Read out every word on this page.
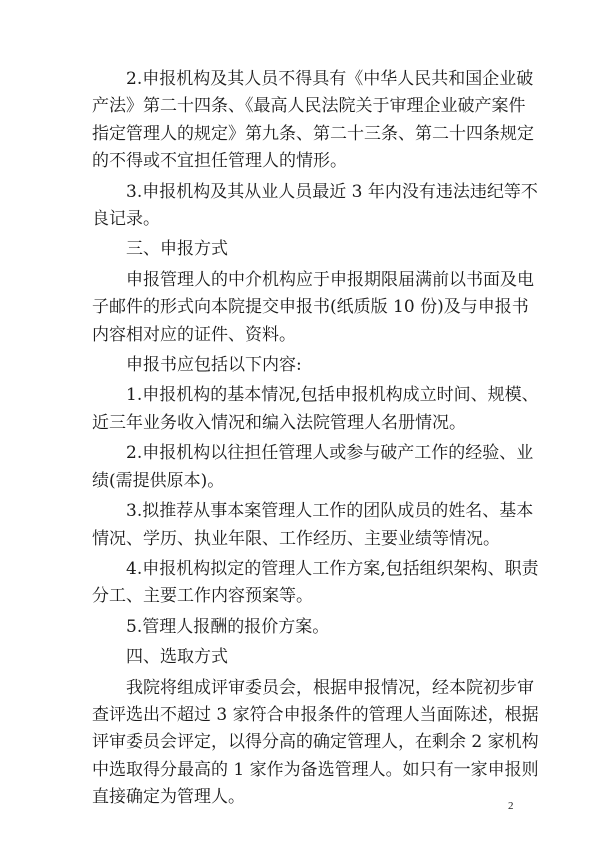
2.申报机构及其人员不得具有《中华人民共和国企业破
产法》第二十四条、《最高人民法院关于审理企业破产案件
指定管理人的规定》第九条、第二十三条、第二十四条规定
的不得或不宜担任管理人的情形。
3.申报机构及其从业人员最近 3 年内没有违法违纪等不
良记录。
三、申报方式
申报管理人的中介机构应于申报期限届满前以书面及电
子邮件的形式向本院提交申报书(纸质版 10 份)及与申报书
内容相对应的证件、资料。
申报书应包括以下内容:
1.申报机构的基本情况,包括申报机构成立时间、规模、
近三年业务收入情况和编入法院管理人名册情况。
2.申报机构以往担任管理人或参与破产工作的经验、业
绩(需提供原本)。
3.拟推荐从事本案管理人工作的团队成员的姓名、基本
情况、学历、执业年限、工作经历、主要业绩等情况。
4.申报机构拟定的管理人工作方案,包括组织架构、职责
分工、主要工作内容预案等。
5.管理人报酬的报价方案。
四、选取方式
我院将组成评审委员会，根据申报情况，经本院初步审
查评选出不超过 3 家符合申报条件的管理人当面陈述，根据
评审委员会评定，以得分高的确定管理人，在剩余 2 家机构
中选取得分最高的 1 家作为备选管理人。如只有一家申报则
直接确定为管理人。	2
